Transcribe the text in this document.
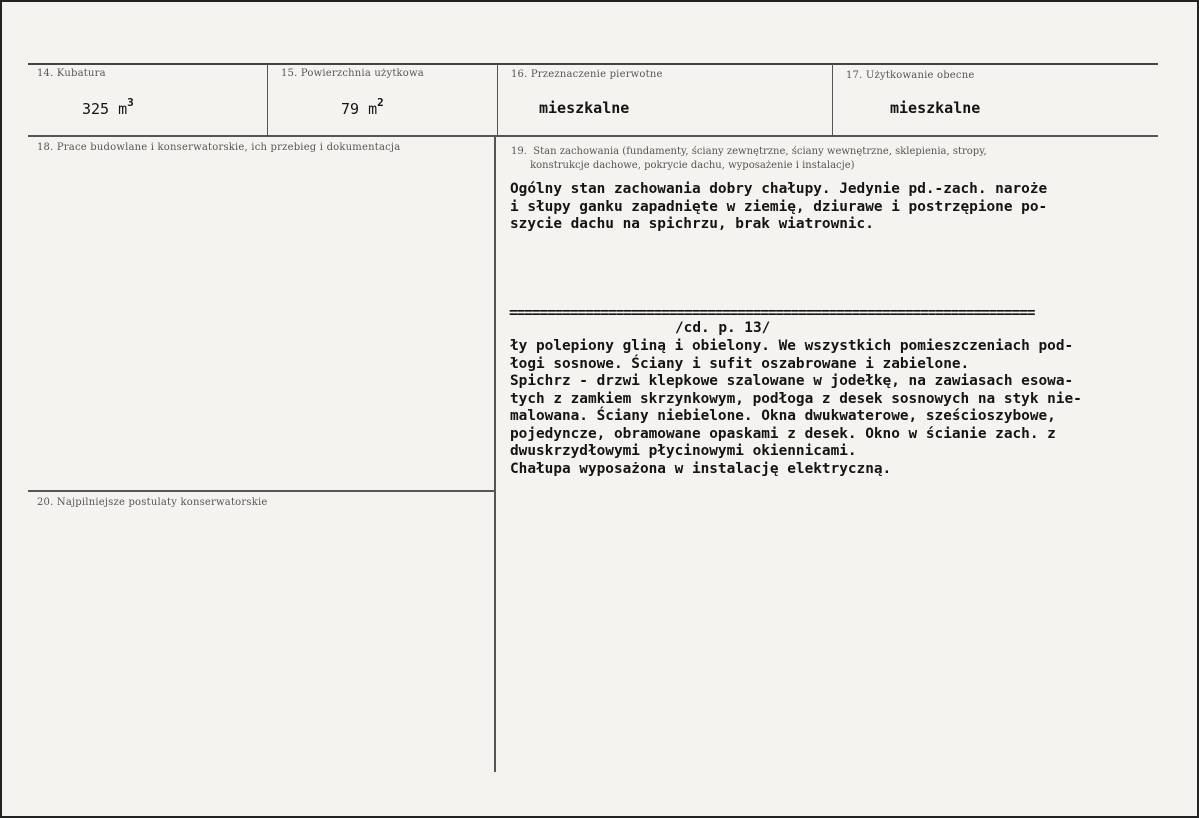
14. Kubatura
325 $m^3$
15. Powierzchnia użytkowa
79 $m^2$
16. Przeznaczenie pierwotne
mieszkalne
17. Użytkowanie obecne
mieszkalne
18. Prace budowlane i konserwatorskie, ich przebieg i dokumentacja	19.  Stan zachowania (fundamenty, ściany zewnętrzne, ściany wewnętrzne, sklepienia, stropy,
konstrukcje dachowe, pokrycie dachu, wyposażenie i instalacje)
Ogólny stan zachowania dobry chałupy. Jedynie pd.-zach. naroże
i słupy ganku zapadnięte w ziemię, dziurawe i postrzępione po-
szycie dachu na spichrzu, brak wiatrownic.
=====================================================================
/cd. p. 13/
ły polepiony gliną i obielony. We wszystkich pomieszczeniach pod-
łogi sosnowe. Ściany i sufit oszabrowane i zabielone.
Spichrz - drzwi klepkowe szalowane w jodełkę, na zawiasach esowa-
tych z zamkiem skrzynkowym, podłoga z desek sosnowych na styk nie-
malowana. Ściany niebielone. Okna dwukwaterowe, sześcioszybowe,
pojedyncze, obramowane opaskami z desek. Okno w ścianie zach. z
dwuskrzydłowymi płycinowymi okiennicami.
Chałupa wyposażona w instalację elektryczną.
20. Najpilniejsze postulaty konserwatorskie
